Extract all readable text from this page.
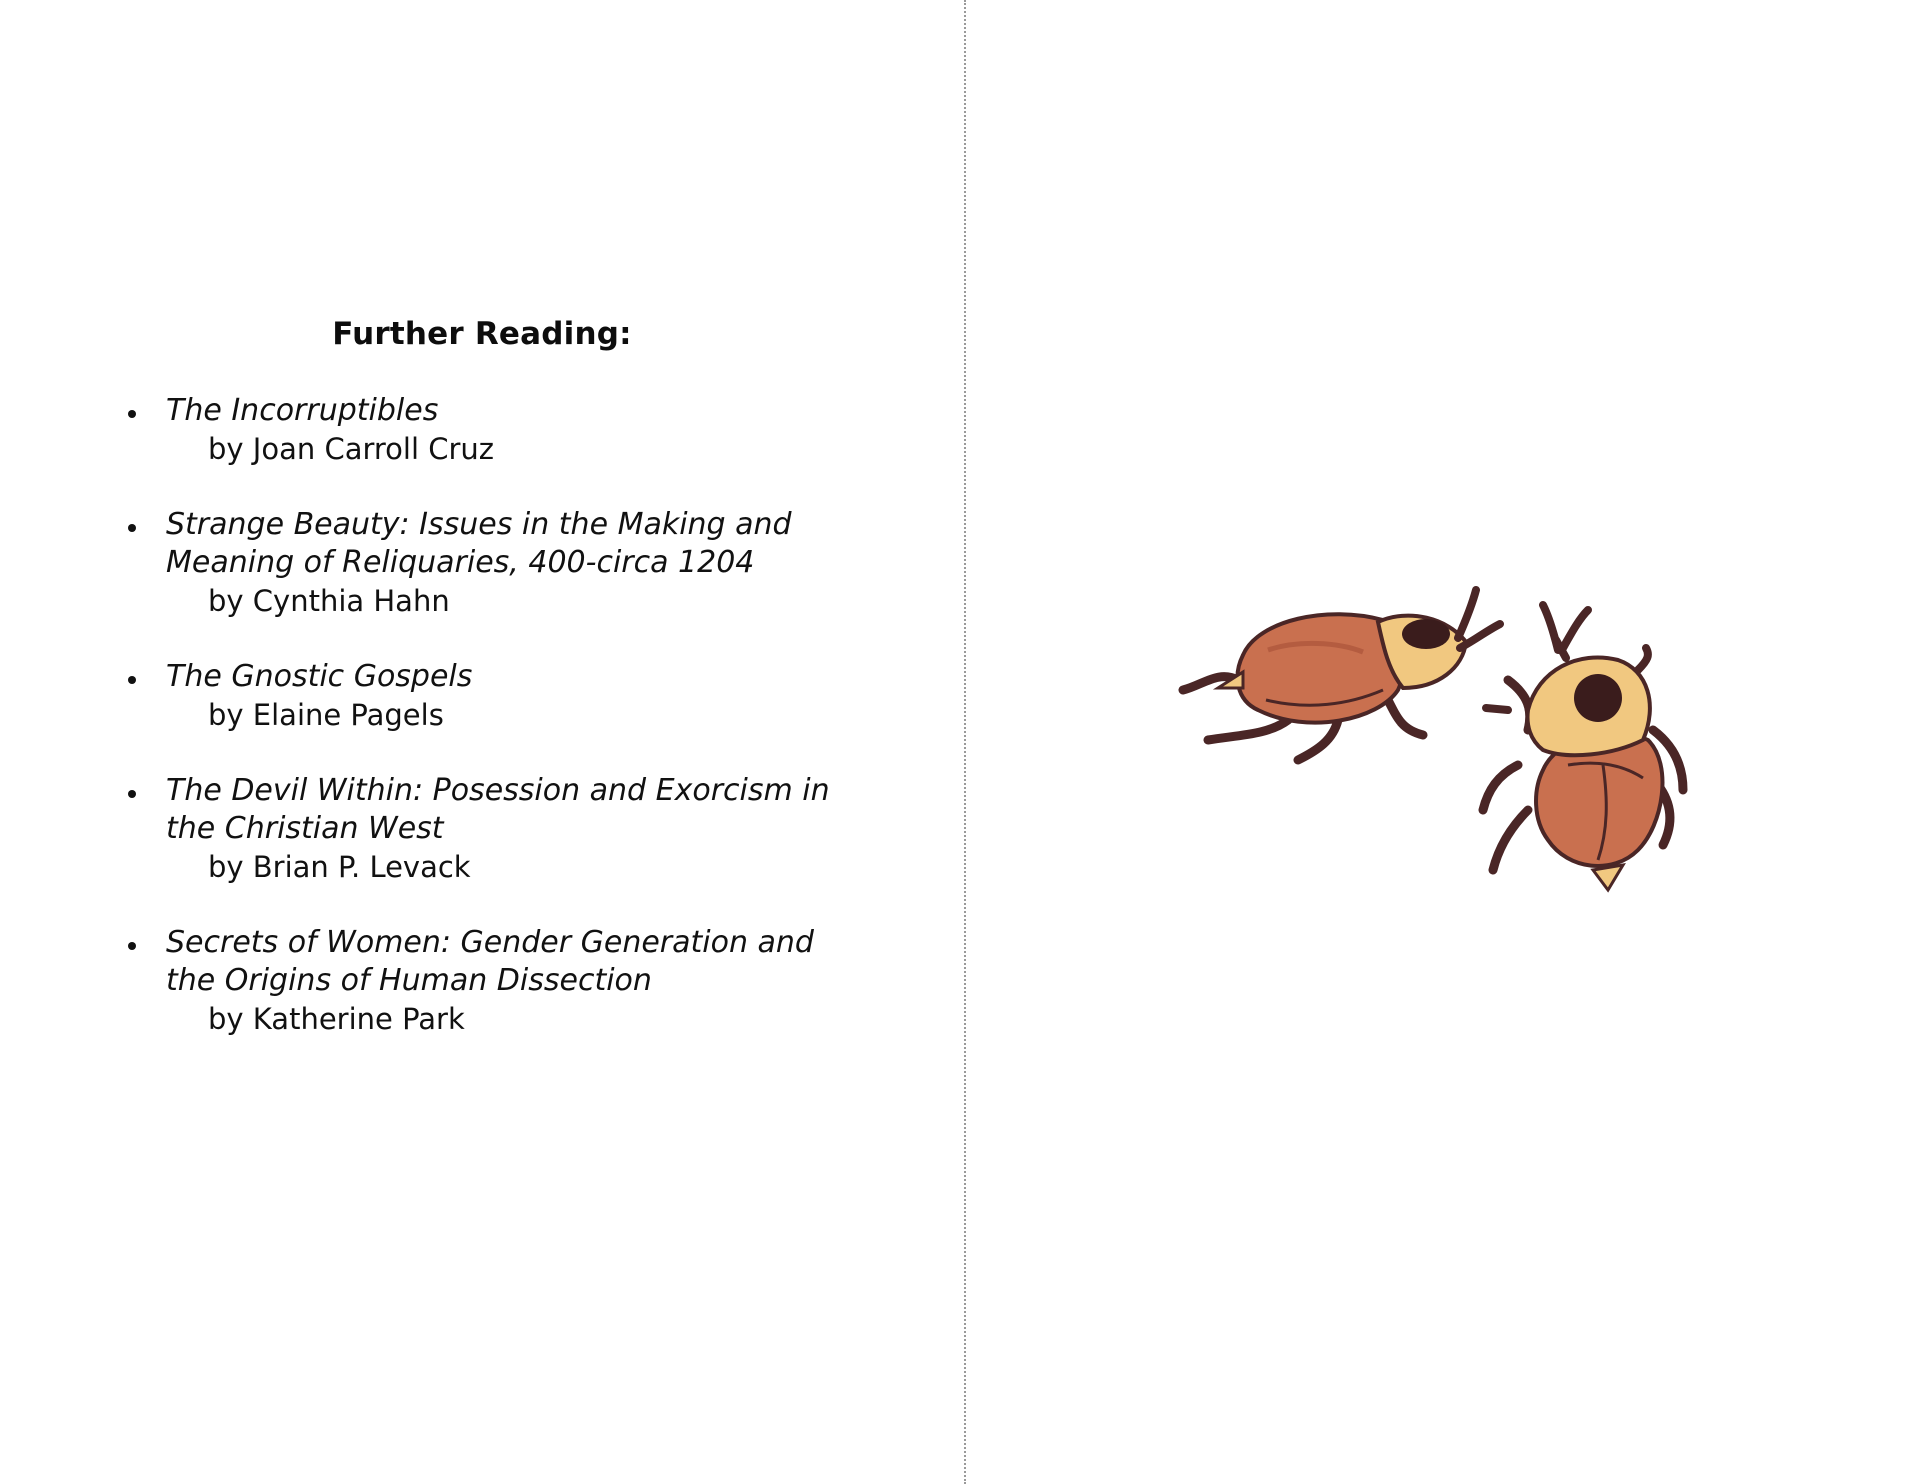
Further Reading:
The Incorruptibles
by Joan Carroll Cruz
Strange Beauty: Issues in the Making and Meaning of Reliquaries, 400-circa 1204
by Cynthia Hahn
The Gnostic Gospels
by Elaine Pagels
The Devil Within: Posession and Exorcism in the Christian West
by Brian P. Levack
Secrets of Women: Gender Generation and the Origins of Human Dissection
by Katherine Park
